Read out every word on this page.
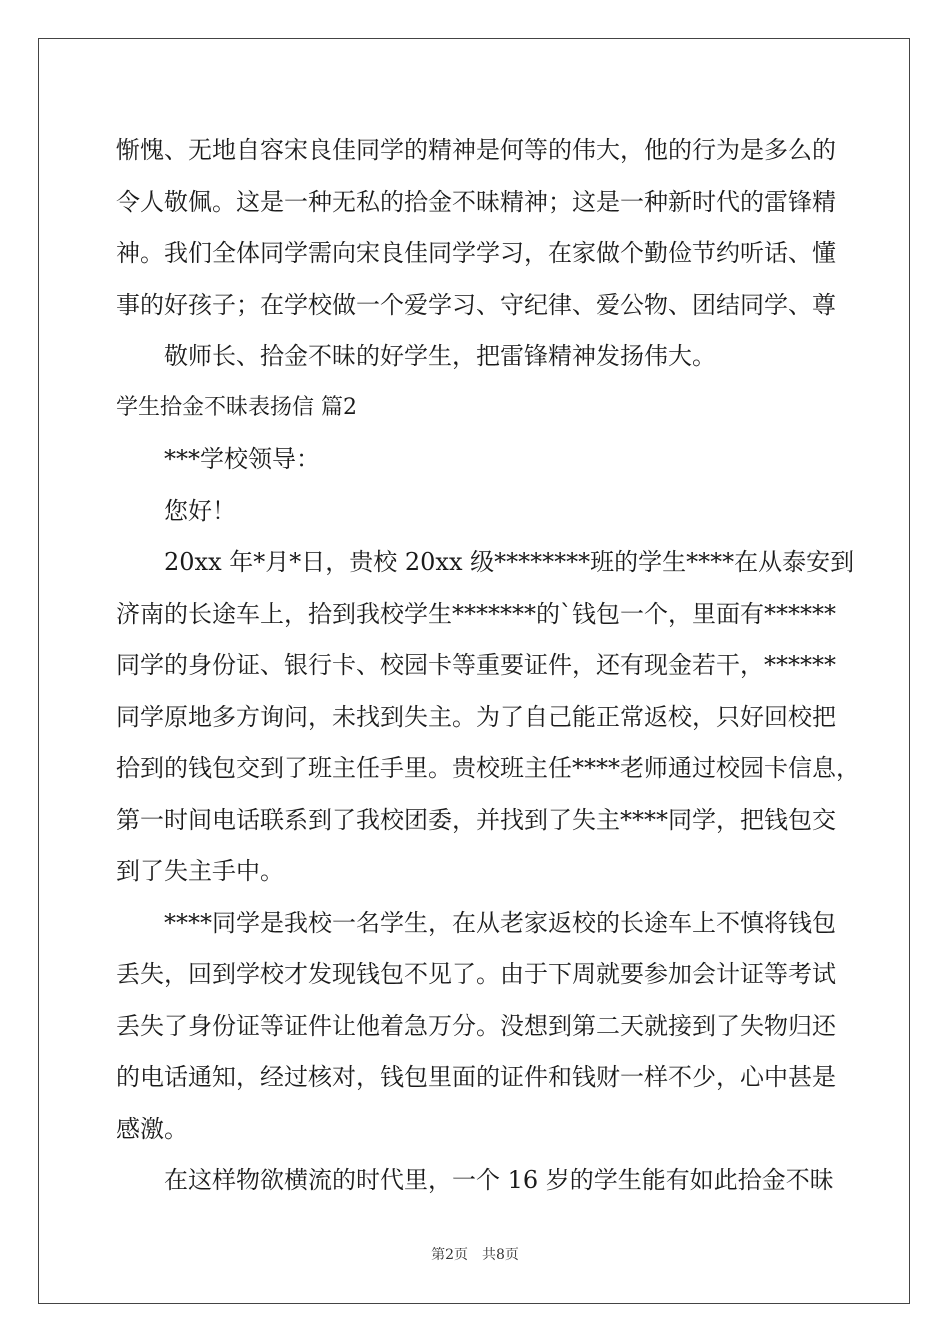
惭愧、无地自容宋良佳同学的精神是何等的伟大，他的行为是多么的
令人敬佩。这是一种无私的拾金不昧精神；这是一种新时代的雷锋精
神。我们全体同学需向宋良佳同学学习，在家做个勤俭节约听话、懂
事的好孩子；在学校做一个爱学习、守纪律、爱公物、团结同学、尊
敬师长、拾金不昧的好学生，把雷锋精神发扬伟大。
学生拾金不昧表扬信 篇2
***学校领导：
您好！
20xx 年*月*日，贵校 20xx 级********班的学生****在从泰安到
济南的长途车上，拾到我校学生*******的`钱包一个，里面有******
同学的身份证、银行卡、校园卡等重要证件，还有现金若干，******
同学原地多方询问，未找到失主。为了自己能正常返校，只好回校把
拾到的钱包交到了班主任手里。贵校班主任****老师通过校园卡信息，
第一时间电话联系到了我校团委，并找到了失主****同学，把钱包交
到了失主手中。
****同学是我校一名学生，在从老家返校的长途车上不慎将钱包
丢失，回到学校才发现钱包不见了。由于下周就要参加会计证等考试
丢失了身份证等证件让他着急万分。没想到第二天就接到了失物归还
的电话通知，经过核对，钱包里面的证件和钱财一样不少，心中甚是
感激。
在这样物欲横流的时代里，一个 16 岁的学生能有如此拾金不昧
第2页　共8页
